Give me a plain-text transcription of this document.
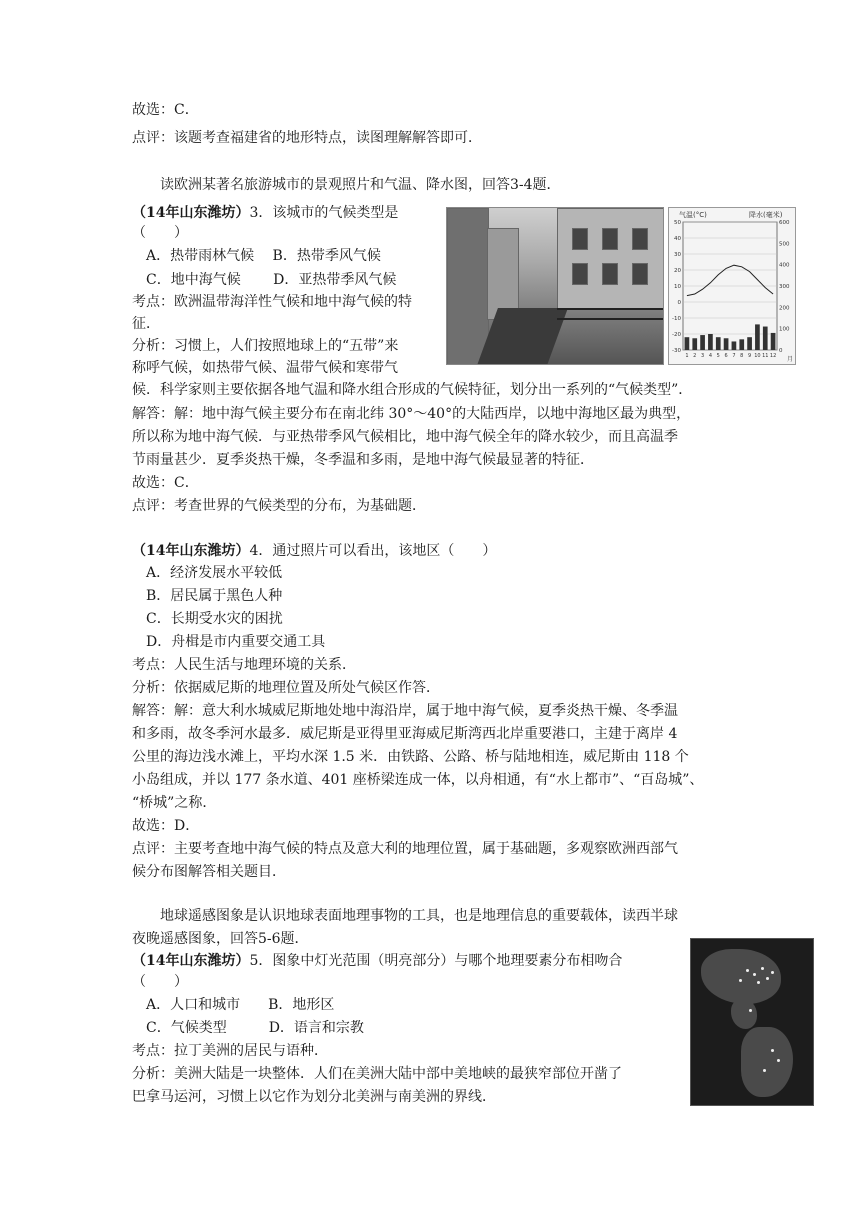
故选：C．
点评：该题考查福建省的地形特点，读图理解解答即可．
读欧洲某著名旅游城市的景观照片和气温、降水图，回答3-4题．
（14年山东潍坊）3．该城市的气候类型是
（　　）
A．热带雨林气候　 B．热带季风气候
C．地中海气候　　 D．亚热带季风气候
考点：欧洲温带海洋性气候和地中海气候的特
征．
分析：习惯上，人们按照地球上的“五带”来
称呼气候，如热带气候、温带气候和寒带气
候．科学家则主要依据各地气温和降水组合形成的气候特征，划分出一系列的“气候类型”．
解答：解：地中海气候主要分布在南北纬 30°～40°的大陆西岸，以地中海地区最为典型，
所以称为地中海气候．与亚热带季风气候相比，地中海气候全年的降水较少，而且高温季
节雨量甚少．夏季炎热干燥，冬季温和多雨，是地中海气候最显著的特征．
故选：C．
点评：考查世界的气候类型的分布，为基础题．
（14年山东潍坊）4．通过照片可以看出，该地区（　　）
A．经济发展水平较低
B．居民属于黑色人种
C．长期受水灾的困扰
D．舟楫是市内重要交通工具
考点：人民生活与地理环境的关系．
分析：依据威尼斯的地理位置及所处气候区作答．
解答：解：意大利水城威尼斯地处地中海沿岸，属于地中海气候，夏季炎热干燥、冬季温
和多雨，故冬季河水最多．威尼斯是亚得里亚海威尼斯湾西北岸重要港口，主建于离岸 4
公里的海边浅水滩上，平均水深 1.5 米．由铁路、公路、桥与陆地相连，威尼斯由 118 个
小岛组成，并以 177 条水道、401 座桥梁连成一体，以舟相通，有“水上都市”、“百岛城”、
“桥城”之称．
故选：D．
点评：主要考查地中海气候的特点及意大利的地理位置，属于基础题，多观察欧洲西部气
候分布图解答相关题目．
地球遥感图象是认识地球表面地理事物的工具，也是地理信息的重要载体，读西半球
夜晚遥感图象，回答5-6题．
（14年山东潍坊）5．图象中灯光范围（明亮部分）与哪个地理要素分布相吻合
（　　）
A．人口和城市　　B．地形区
C．气候类型　　　D．语言和宗教
考点：拉丁美洲的居民与语种．
分析：美洲大陆是一块整体．人们在美洲大陆中部中美地峡的最狭窄部位开凿了
巴拿马运河，习惯上以它作为划分北美洲与南美洲的界线．
气温(°C)	降水(毫米)
月
50
40
30
20
10
0
-10
-20
-30
600
500
400
300
200
100
0
1 2 3 4 5 6 7 8 9 10 11 12
